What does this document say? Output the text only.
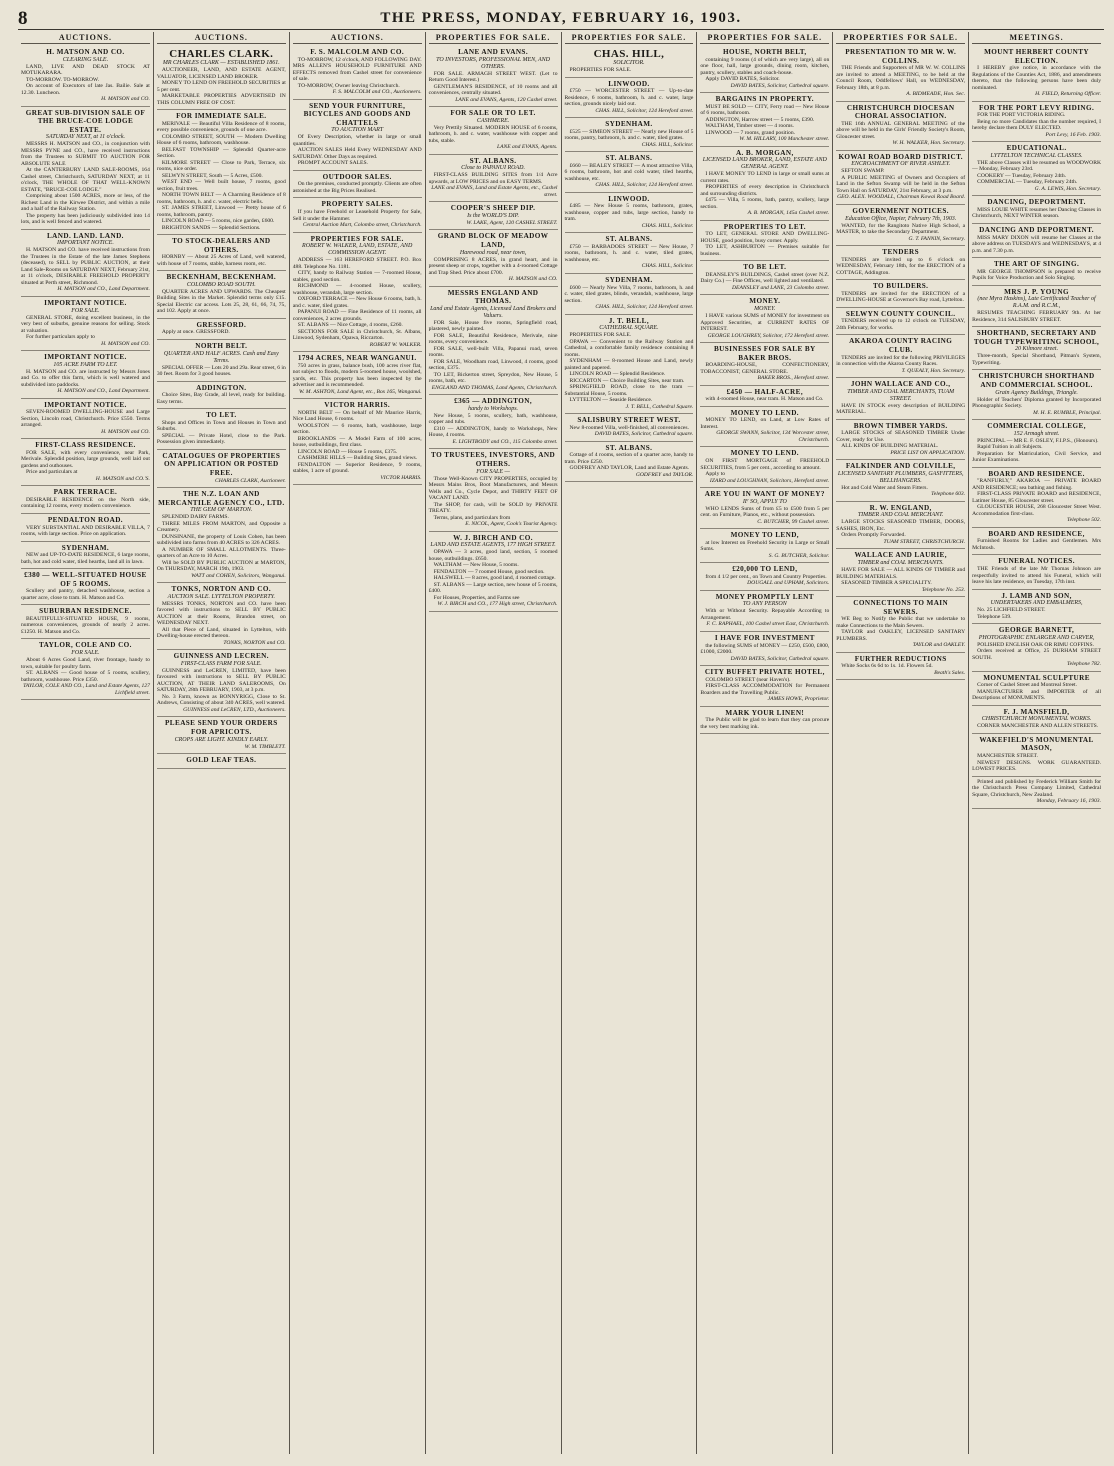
8	THE PRESS, MONDAY, FEBRUARY 16, 1903.
AUCTIONS.
H. MATSON AND CO.
CLEARING SALE.

LAND, LIVE AND DEAD STOCK AT MOTUKARARA.

TO-MORROW. TO-MORROW.

On account of Executors of late Jas. Bailie. Sale at 12.30. Luncheon.

H. MATSON and CO.
GREAT SUB-DIVISION SALE OF THE BRUCE-COE LODGE ESTATE.
SATURDAY NEXT, at 11 o'clock.

MESSRS H. MATSON and CO., in conjunction with MESSRS PYNE and CO., have received instructions from the Trustees to SUBMIT TO AUCTION FOR ABSOLUTE SALE

At the CANTERBURY LAND SALE-ROOMS, 164 Cashel street, Christchurch, SATURDAY NEXT, at 11 o'clock, THE WHOLE OF THAT WELL-KNOWN ESTATE, "BRUCE-COE LODGE."

Comprising about 1500 ACRES, more or less, of the Richest Land in the Kirwee District, and within a mile and a half of the Railway Station.

The property has been judiciously subdivided into 14 lots, and is well fenced and watered.

LAND. LAND. LAND.
IMPORTANT NOTICE.

H. MATSON and CO. have received instructions from the Trustees in the Estate of the late James Stephens (deceased), to SELL by PUBLIC AUCTION, at their Land Sale-Rooms on SATURDAY NEXT, February 21st, at 11 o'clock, DESIRABLE FREEHOLD PROPERTY situated at Perth street, Richmond.

H. MATSON and CO., Land Department.
IMPORTANT NOTICE.
FOR SALE.

GENERAL STORE, doing excellent business, in the very best of suburbs, genuine reasons for selling. Stock at valuation.

For further particulars apply to

H. MATSON and CO.
IMPORTANT NOTICE.
105 ACRE FARM TO LET.

H. MATSON and CO. are instructed by Messrs Jones and Co. to offer this farm, which is well watered and subdivided into paddocks.

H. MATSON and CO., Land Department.
IMPORTANT NOTICE.

SEVEN-ROOMED DWELLING-HOUSE and Large Section, Lincoln road, Christchurch. Price £550. Terms arranged.

H. MATSON and CO.
FIRST-CLASS RESIDENCE.

FOR SALE, with every convenience, near Park, Merivale. Splendid position, large grounds, well laid out gardens and outhouses.

Price and particulars at

H. MATSON and CO.'S.
PARK TERRACE.

DESIRABLE RESIDENCE on the North side, containing 12 rooms, every modern convenience.

PENDALTON ROAD.

VERY SUBSTANTIAL AND DESIRABLE VILLA, 7 rooms, with large section. Price on application.

SYDENHAM.

NEW and UP-TO-DATE RESIDENCE, 6 large rooms, bath, hot and cold water, tiled hearths, land all in lawn.

£380 — WELL-SITUATED HOUSE OF 5 ROOMS.

Scullery and pantry, detached washhouse, section a quarter acre, close to tram. H. Matson and Co.

SUBURBAN RESIDENCE.

BEAUTIFULLY-SITUATED HOUSE, 9 rooms, numerous conveniences, grounds of nearly 2 acres. £1250. H. Matson and Co.

TAYLOR, COLE AND CO.
FOR SALE.

About 6 Acres Good Land, river frontage, handy to town, suitable for poultry farm.

ST. ALBANS — Good house of 5 rooms, scullery, bathroom, washhouse. Price £350.

TAYLOR, COLE AND CO., Land and Estate Agents, 127 Lichfield street.
AUCTIONS.
CHARLES CLARK.
MR CHARLES CLARK — ESTABLISHED 1861.

AUCTIONEER, LAND, AND ESTATE AGENT, VALUATOR, LICENSED LAND BROKER.

MONEY TO LEND ON FREEHOLD SECURITIES at 5 per cent.

MARKETABLE PROPERTIES ADVERTISED IN THIS COLUMN FREE OF COST.

FOR IMMEDIATE SALE.

MERIVALE — Beautiful Villa Residence of 8 rooms, every possible convenience, grounds of one acre.

COLOMBO STREET, SOUTH — Modern Dwelling House of 6 rooms, bathroom, washhouse.

BELFAST TOWNSHIP — Splendid Quarter-acre Section.

KILMORE STREET — Close to Park, Terrace, six rooms, nice order.

SELWYN STREET, South — 5 Acres, £500.

WEST END — Well built house, 7 rooms, good section, fruit trees.

NORTH TOWN BELT — A Charming Residence of 8 rooms, bathroom, h. and c. water, electric bells.

ST. JAMES STREET, Linwood — Pretty house of 6 rooms, bathroom, pantry.

LINCOLN ROAD — 5 rooms, nice garden, £600.

BRIGHTON SANDS — Splendid Sections.

TO STOCK-DEALERS AND OTHERS.

HORNBY — About 25 Acres of Land, well watered, with house of 7 rooms, stable, harness room, etc.

BECKENHAM, BECKENHAM.
COLOMBO ROAD SOUTH.

QUARTER ACRES AND UPWARDS. The Cheapest Building Sites in the Market. Splendid terms only £15. Special Electric car access. Lots 25, 28, 61, 66, 74, 75, and 102. Apply at once.

GRESSFORD.

Apply at once. GRESSFORD.

NORTH BELT.
QUARTER AND HALF ACRES. Cash and Easy Terms.

SPECIAL OFFER — Lots 20 and 29a. Rear street, 6 in 30 feet. Room for 3 good houses.

ADDINGTON.

Choice Sites, Bay Grade, all level, ready for building. Easy terms.

TO LET.

Shops and Offices in Town and Houses in Town and Suburbs.

SPECIAL — Private Hotel, close to the Park. Possession given immediately.

CATALOGUES OF PROPERTIES ON APPLICATION OR POSTED FREE.
CHARLES CLARK, Auctioneer.
THE N.Z. LOAN AND MERCANTILE AGENCY CO., LTD.
THE GEM OF MARTON.

SPLENDID DAIRY FARMS.

THREE MILES FROM MARTON, and Opposite a Creamery.

DUNSINANE, the property of Louis Cohen, has been subdivided into farms from 40 ACRES to 326 ACRES.

A NUMBER OF SMALL ALLOTMENTS. Three-quarters of an Acre to 10 Acres.

Will be SOLD BY PUBLIC AUCTION at MARTON, On THURSDAY, MARCH 19th, 1903.

WATT and COHEN, Solicitors, Wanganui.
TONKS, NORTON AND CO.
AUCTION SALE. LYTTELTON PROPERTY.

MESSRS TONKS, NORTON and CO. have been favored with instructions to SELL BY PUBLIC AUCTION at their Rooms, Brandon street, on WEDNESDAY NEXT.

All that Piece of Land, situated in Lyttelton, with Dwelling-house erected thereon.

TONKS, NORTON and CO.
GUINNESS AND LECREN.
FIRST-CLASS FARM FOR SALE.

GUINNESS and LeCREN, LIMITED, have been favoured with instructions to SELL BY PUBLIC AUCTION, AT THEIR LAND SALEROOMS, On SATURDAY, 28th FEBRUARY, 1903, at 3 p.m.

No. 3 Farm, known as BONNYRIGG, Close to St. Andrews, Consisting of about 340 ACRES, well watered.

GUINNESS and LeCREN, LTD., Auctioneers.
PLEASE SEND YOUR ORDERS FOR APRICOTS.
CROPS ARE LIGHT. KINDLY EARLY.
W. M. TIMBLETT.
GOLD LEAF TEAS.
AUCTIONS.
F. S. MALCOLM AND CO.

TO-MORROW, 12 o'clock, AND FOLLOWING DAY. MRS ALLEN'S HOUSEHOLD FURNITURE AND EFFECTS removed from Cashel street for convenience of sale.

TO-MORROW, Owner leaving Christchurch.

F. S. MALCOLM and CO., Auctioneers.
SEND YOUR FURNITURE, BICYCLES AND GOODS AND CHATTELS
TO AUCTION MART

Of Every Description, whether in large or small quantities.

AUCTION SALES Held Every WEDNESDAY AND SATURDAY. Other Days as required.

PROMPT ACCOUNT SALES.

OUTDOOR SALES.

On the premises, conducted promptly. Clients are often astonished at the Big Prices Realised.

PROPERTY SALES.

If you have Freehold or Leasehold Property for Sale, Sell it under the Hammer.

Central Auction Mart, Colombo street, Christchurch.
PROPERTIES FOR SALE.
ROBERT W. WALKER, LAND, ESTATE, AND COMMISSION AGENT.

ADDRESS — 163 HEREFORD STREET. P.O. Box 488. Telephone No. 1181.

CITY, handy to Railway Station — 7-roomed House, stables, good section.

RICHMOND — 4-roomed House, scullery, washhouse, verandah, large section.

OXFORD TERRACE — New House 6 rooms, bath, h. and c. water, tiled grates.

PAPANUI ROAD — Fine Residence of 11 rooms, all conveniences, 2 acres grounds.

ST. ALBANS — Nice Cottage, 4 rooms, £260.

SECTIONS FOR SALE in Christchurch, St. Albans, Linwood, Sydenham, Opawa, Riccarton.

ROBERT W. WALKER.
1794 ACRES, NEAR WANGANUI.

750 acres in grass, balance bush, 100 acres river flat, not subject to floods, modern 5-roomed house, woolshed, yards, etc. This property has been inspected by the advertiser and is recommended.

W. M. ASHTON, Land Agent, etc., Box 165, Wanganui.
VICTOR HARRIS.

NORTH BELT — On behalf of Mr Maurice Harris, Nice Land House, 6 rooms.

WOOLSTON — 6 rooms, bath, washhouse, large section.

BROOKLANDS — A Model Farm of 100 acres, house, outbuildings, first class.

LINCOLN ROAD — House 5 rooms, £375.

CASHMERE HILLS — Building Sites, grand views.

FENDALTON — Superior Residence, 9 rooms, stables, 1 acre of ground.

VICTOR HARRIS.
PROPERTIES FOR SALE.
LANE AND EVANS.
TO INVESTORS, PROFESSIONAL MEN, AND OTHERS.

FOR SALE. ARMAGH STREET WEST. (Let to Return Good Interest.)

GENTLEMAN'S RESIDENCE, of 10 rooms and all conveniences, centrally situated.

LANE and EVANS, Agents, 120 Cashel street.
FOR SALE OR TO LET.
CASHMERE.

Very Prettily Situated. MODERN HOUSE of 6 rooms, bathroom, h. and c. water, washhouse with copper and tubs, stable.

LANE and EVANS, Agents.
ST. ALBANS.
Close to PAPANUI ROAD.

FIRST-CLASS BUILDING SITES from 1/4 Acre upwards, at LOW PRICES and on EASY TERMS.

LANE and EVANS, Land and Estate Agents, etc., Cashel street.
COOPER'S SHEEP DIP.
Is the WORLD'S DIP.
W. LAKE, Agent, 120 CASHEL STREET.
GRAND BLOCK OF MEADOW LAND,
Harewood road, near town,

COMPRISING 8 ACRES, in grand heart, and in present sheep or crops, together with a 4-roomed Cottage and Trap Shed. Price about £700.

H. MATSON and CO.
MESSRS ENGLAND AND THOMAS.
Land and Estate Agents, Licensed Land Brokers and Valuers.

FOR Sale, House five rooms, Springfield road, plastered, newly painted.

FOR SALE, Beautiful Residence, Merivale, nine rooms, every convenience.

FOR SALE, well-built Villa, Papanui road, seven rooms.

FOR SALE, Woodham road, Linwood, 4 rooms, good section, £375.

TO LET, Bickerton street, Spreydon, New House, 5 rooms, bath, etc.

ENGLAND AND THOMAS, Land Agents, Christchurch.
£365 — ADDINGTON,
handy to Workshops.

New House, 5 rooms, scullery, bath, washhouse, copper and tubs.

£310 — ADDINGTON, handy to Workshops, New House, 4 rooms.

E. LIGHTBODY and CO., 115 Colombo street.
TO TRUSTEES, INVESTORS, AND OTHERS.
FOR SALE —

Those Well-Known CITY PROPERTIES, occupied by Messrs Mains Bros, Boot Manufacturers, and Messrs Wells and Co., Cycle Depot, and THIRTY FEET OF VACANT LAND.

The SHOP, for cash, will be SOLD by PRIVATE TREATY.

Terms, plans, and particulars from

E. NICOL, Agent, Cook's Tourist Agency.
W. J. BIRCH AND CO.
LAND AND ESTATE AGENTS, 177 HIGH STREET.

OPAWA — 3 acres, good land, section, 5 roomed house, outbuildings. £650.

WALTHAM — New House, 5 rooms.

FENDALTON — 7 roomed House, good section.

HALSWELL — 8 acres, good land, 4 roomed cottage.

ST. ALBANS — Large section, new house of 5 rooms, £400.

For Houses, Properties, and Farms see

W. J. BIRCH and CO., 177 High street, Christchurch.
PROPERTIES FOR SALE.
CHAS. HILL,
SOLICITOR.

PROPERTIES FOR SALE.

LINWOOD.

£750 — WORCESTER STREET — Up-to-date Residence, 6 rooms, bathroom, h. and c. water, large section, grounds nicely laid out.

CHAS. HILL, Solicitor, 124 Hereford street.
SYDENHAM.

£525 — SIMEON STREET — Nearly new House of 5 rooms, pantry, bathroom, h. and c. water, tiled grates.

CHAS. HILL, Solicitor.
ST. ALBANS.

£660 — BEALEY STREET — A most attractive Villa, 6 rooms, bathroom, hot and cold water, tiled hearths, washhouse, etc.

CHAS. HILL, Solicitor, 124 Hereford street.
LINWOOD.

£485 — New House 5 rooms, bathroom, grates, washhouse, copper and tubs, large section, handy to tram.

CHAS. HILL, Solicitor.
ST. ALBANS.

£750 — BARBADOES STREET — New House, 7 rooms, bathroom, h. and c. water, tiled grates, washhouse, etc.

CHAS. HILL, Solicitor.
SYDENHAM.

£600 — Nearly New Villa, 7 rooms, bathroom, h. and c. water, tiled grates, blinds, verandah, washhouse, large section.

CHAS. HILL, Solicitor, 124 Hereford street.
J. T. BELL,
CATHEDRAL SQUARE.

PROPERTIES FOR SALE.

OPAWA — Convenient to the Railway Station and Cathedral, a comfortable family residence containing 8 rooms.

SYDENHAM — 8-roomed House and Land, newly painted and papered.

LINCOLN ROAD — Splendid Residence.

RICCARTON — Choice Building Sites, near tram.

SPRINGFIELD ROAD, close to the tram — Substantial House, 5 rooms.

LYTTELTON — Seaside Residence.

J. T. BELL, Cathedral Square.
SALISBURY STREET WEST.

New 8-roomed Villa, well-finished, all conveniences.

DAVID BATES, Solicitor, Cathedral square.
ST. ALBANS.

Cottage of 4 rooms, section of a quarter acre, handy to tram. Price £250.

GODFREY AND TAYLOR, Land and Estate Agents.

GODFREY and TAYLOR.
PROPERTIES FOR SALE.
HOUSE, NORTH BELT,

containing 9 rooms (4 of which are very large), all on one floor, hall, large grounds, dining room, kitchen, pantry, scullery, stables and coach-house.

Apply DAVID BATES, Solicitor.

DAVID BATES, Solicitor, Cathedral square.
BARGAINS IN PROPERTY.

MUST BE SOLD — CITY, Ferry road — New House of 6 rooms, bathroom.

ADDINGTON, Harrow street — 5 rooms, £390.

WALTHAM, Timber street — 4 rooms.

LINWOOD — 7 rooms, grand position.

W. M. HILLARY, 100 Manchester street.
A. B. MORGAN,
LICENSED LAND BROKER, LAND, ESTATE AND GENERAL AGENT.

I HAVE MONEY TO LEND in large or small sums at current rates.

PROPERTIES of every description in Christchurch and surrounding districts.

£475 — Villa, 5 rooms, bath, pantry, scullery, large section.

A. B. MORGAN, 145a Cashel street.
PROPERTIES TO LET.

TO LET, GENERAL STORE AND DWELLING-HOUSE, good position, busy corner. Apply.

TO LET, ASHBURTON — Premises suitable for business.

TO BE LET.

DEANSLEY'S BUILDINGS, Cashel street (over N.Z. Dairy Co.) — Fine Offices, well lighted and ventilated.

DEANSLEY and LANE, 23 Colombo street.
MONEY.
MONEY.

I HAVE various SUMS of MONEY for investment on Approved Securities, at CURRENT RATES OF INTEREST.

GEORGE LOUGHREY, Solicitor, 172 Hereford street.
BUSINESSES FOR SALE BY BAKER BROS.

BOARDING-HOUSE, CONFECTIONERY, TOBACCONIST, GENERAL STORE.

BAKER BROS., Hereford street.
£450 — HALF-ACRE,

with 4-roomed House, near tram. H. Matson and Co.

MONEY TO LEND.

MONEY TO LEND, on Land, at Low Rates of Interest.

GEORGE SWANN, Solicitor, 134 Worcester street, Christchurch.
MONEY TO LEND.

ON FIRST MORTGAGE of FREEHOLD SECURITIES, from 5 per cent., according to amount.

Apply to

IZARD and LOUGHNAN, Solicitors, Hereford street.
ARE YOU IN WANT OF MONEY?
IF SO, APPLY TO

WHO LENDS Sums of from £5 to £500 from 5 per cent. on Furniture, Pianos, etc., without possession.

C. BUTCHER, 99 Cashel street.
MONEY TO LEND,

at low Interest on Freehold Security in Large or Small Sums.

S. G. BUTCHER, Solicitor.
£20,000 TO LEND,

from 4 1/2 per cent., on Town and Country Properties.

DOUGALL and UPHAM, Solicitors.
MONEY PROMPTLY LENT
TO ANY PERSON

With or Without Security. Repayable According to Arrangement.

F. C. RAPHAEL, 100 Cashel street East, Christchurch.
I HAVE FOR INVESTMENT

the following SUMS of MONEY — £250, £500, £800, £1000, £2000.

DAVID BATES, Solicitor, Cathedral square.
CITY BUFFET PRIVATE HOTEL,

COLOMBO STREET (near Haven's).

FIRST-CLASS ACCOMMODATION for Permanent Boarders and the Travelling Public.

JAMES HOWE, Proprietor.
MARK YOUR LINEN!

The Public will be glad to learn that they can procure the very best marking ink.

PROPERTIES FOR SALE.
PRESENTATION TO MR W. W. COLLINS.

THE Friends and Supporters of MR W. W. COLLINS are invited to attend a MEETING, to be held at the Council Room, Oddfellows' Hall, on WEDNESDAY, February 18th, at 8 p.m.

A. BIDMEADE, Hon. Sec.
CHRISTCHURCH DIOCESAN CHORAL ASSOCIATION.

THE 16th ANNUAL GENERAL MEETING of the above will be held in the Girls' Friendly Society's Room, Gloucester street.

W. H. WALKER, Hon. Secretary.
KOWAI ROAD BOARD DISTRICT.
ENCROACHMENT OF RIVER ASHLEY.

SEFTON SWAMP.

A PUBLIC MEETING of Owners and Occupiers of Land in the Sefton Swamp will be held in the Sefton Town Hall on SATURDAY, 21st February, at 3 p.m.

GEO. ALEX. WOODALL, Chairman Kowai Road Board.
GOVERNMENT NOTICES.
Education Office, Napier, February 7th, 1903.

WANTED, for the Rangitoto Native High School, a MASTER, to take the Secondary Department.

G. T. FANNIN, Secretary.
TENDERS

TENDERS are invited up to 6 o'clock on WEDNESDAY, February 18th, for the ERECTION of a COTTAGE, Addington.

TO BUILDERS.

TENDERS are invited for the ERECTION of a DWELLING-HOUSE at Governor's Bay road, Lyttelton.

SELWYN COUNTY COUNCIL.

TENDERS received up to 12 o'clock on TUESDAY, 24th February, for works.

AKAROA COUNTY RACING CLUB.

TENDERS are invited for the following PRIVILEGES in connection with the Akaroa County Races.

T. QUEALY, Hon. Secretary.
JOHN WALLACE AND CO.,
TIMBER AND COAL MERCHANTS, TUAM STREET.

HAVE IN STOCK every description of BUILDING MATERIAL.

BROWN TIMBER YARDS.

LARGE STOCKS of SEASONED TIMBER Under Cover, ready for Use.

ALL KINDS OF BUILDING MATERIAL.

PRICE LIST ON APPLICATION.
FALKINDER AND COLVILLE,
LICENSED SANITARY PLUMBERS, GASFITTERS, BELLHANGERS.

Hot and Cold Water and Steam Fitters.

Telephone 603.
R. W. ENGLAND,
TIMBER AND COAL MERCHANT.

LARGE STOCKS SEASONED TIMBER, DOORS, SASHES, IRON, Etc.

Orders Promptly Forwarded.

TUAM STREET, CHRISTCHURCH.
WALLACE AND LAURIE,
TIMBER and COAL MERCHANTS.

HAVE FOR SALE — ALL KINDS OF TIMBER and BUILDING MATERIALS.

SEASONED TIMBER A SPECIALITY.

Telephone No. 253.
CONNECTIONS TO MAIN SEWERS.

WE Beg to Notify the Public that we undertake to make Connections to the Main Sewers.

TAYLOR and OAKLEY, LICENSED SANITARY PLUMBERS.

TAYLOR and OAKLEY.
FURTHER REDUCTIONS

White Socks 6s 6d to 1s. 1d. Flowers 5d.

Beath's Sales.
MEETINGS.
MOUNT HERBERT COUNTY ELECTION.

I HEREBY give notice, in accordance with the Regulations of the Counties Act, 1886, and amendments thereto, that the following persons have been duly nominated.

H. FIELD, Returning Officer.
FOR THE PORT LEVY RIDING.

FOR THE PORT VICTORIA RIDING.

Being no more Candidates than the number required, I hereby declare them DULY ELECTED.

Port Levy, 16 Feb. 1903.
EDUCATIONAL.
LYTTELTON TECHNICAL CLASSES.

THE above Classes will be resumed on WOODWORK — Monday, February 23rd.

COOKERY — Tuesday, February 24th.

COMMERCIAL — Tuesday, February 24th.

G. A. LEWIS, Hon. Secretary.
DANCING, DEPORTMENT.

MISS LOUIE WHITE resumes her Dancing Classes in Christchurch, NEXT WINTER season.

DANCING AND DEPORTMENT.

MISS MARY DIXON will resume her Classes at the above address on TUESDAYS and WEDNESDAYS, at 4 p.m. and 7.30 p.m.

THE ART OF SINGING.

MR GEORGE THOMPSON is prepared to receive Pupils for Voice Production and Solo Singing.

MRS J. P. YOUNG
(nee Myra Haskins), Late Certificated Teacher of R.A.M. and R.C.M.,

RESUMES TEACHING FEBRUARY 9th. At her Residence, 314 SALISBURY STREET.

SHORTHAND, SECRETARY AND TOUGH TYPEWRITING SCHOOL,
20 Kilmore street.

Three-month, Special Shorthand, Pitman's System, Typewriting.

CHRISTCHURCH SHORTHAND AND COMMERCIAL SCHOOL.
Grain Agency Buildings, Triangle.

Holder of Teachers' Diploma granted by Incorporated Phonographic Society.

M. H. E. RUMBLE, Principal.
COMMERCIAL COLLEGE,
152 Armagh street.

PRINCIPAL — MR E. F. OSLEY, F.I.P.S., (Honours).

Rapid Tuition in all Subjects.

Preparation for Matriculation, Civil Service, and Junior Examinations.

BOARD AND RESIDENCE.

"RANFURLY," AKAROA — PRIVATE BOARD AND RESIDENCE; sea bathing and fishing.

FIRST-CLASS PRIVATE BOARD and RESIDENCE, Latimer House, 85 Gloucester street.

GLOUCESTER HOUSE, 268 Gloucester Street West. Accommodation first-class.

Telephone 502.
BOARD AND RESIDENCE,

Furnished Rooms for Ladies and Gentlemen. Mrs McIntosh.

FUNERAL NOTICES.

THE Friends of the late Mr Thomas Johnson are respectfully invited to attend his Funeral, which will leave his late residence, on Tuesday, 17th inst.

J. LAMB AND SON,
UNDERTAKERS AND EMBALMERS,

No. 25 LICHFIELD STREET.

Telephone 539.

GEORGE BARNETT,
PHOTOGRAPHIC ENLARGER AND CARVER,

POLISHED ENGLISH OAK OR RIMU COFFINS.

Orders received at Office, 25 DURHAM STREET SOUTH.

Telephone 782.
MONUMENTAL SCULPTURE

Corner of Cashel Street and Montreal Street.

MANUFACTURER and IMPORTER of all Descriptions of MONUMENTS.

F. J. MANSFIELD,
CHRISTCHURCH MONUMENTAL WORKS.

CORNER MANCHESTER AND ALLEN STREETS.

WAKEFIELD'S MONUMENTAL MASON,

MANCHESTER STREET.

NEWEST DESIGNS. WORK GUARANTEED. LOWEST PRICES.

Printed and published by Frederick William Smith for the Christchurch Press Company Limited, Cathedral Square, Christchurch, New Zealand.

Monday, February 16, 1903.
